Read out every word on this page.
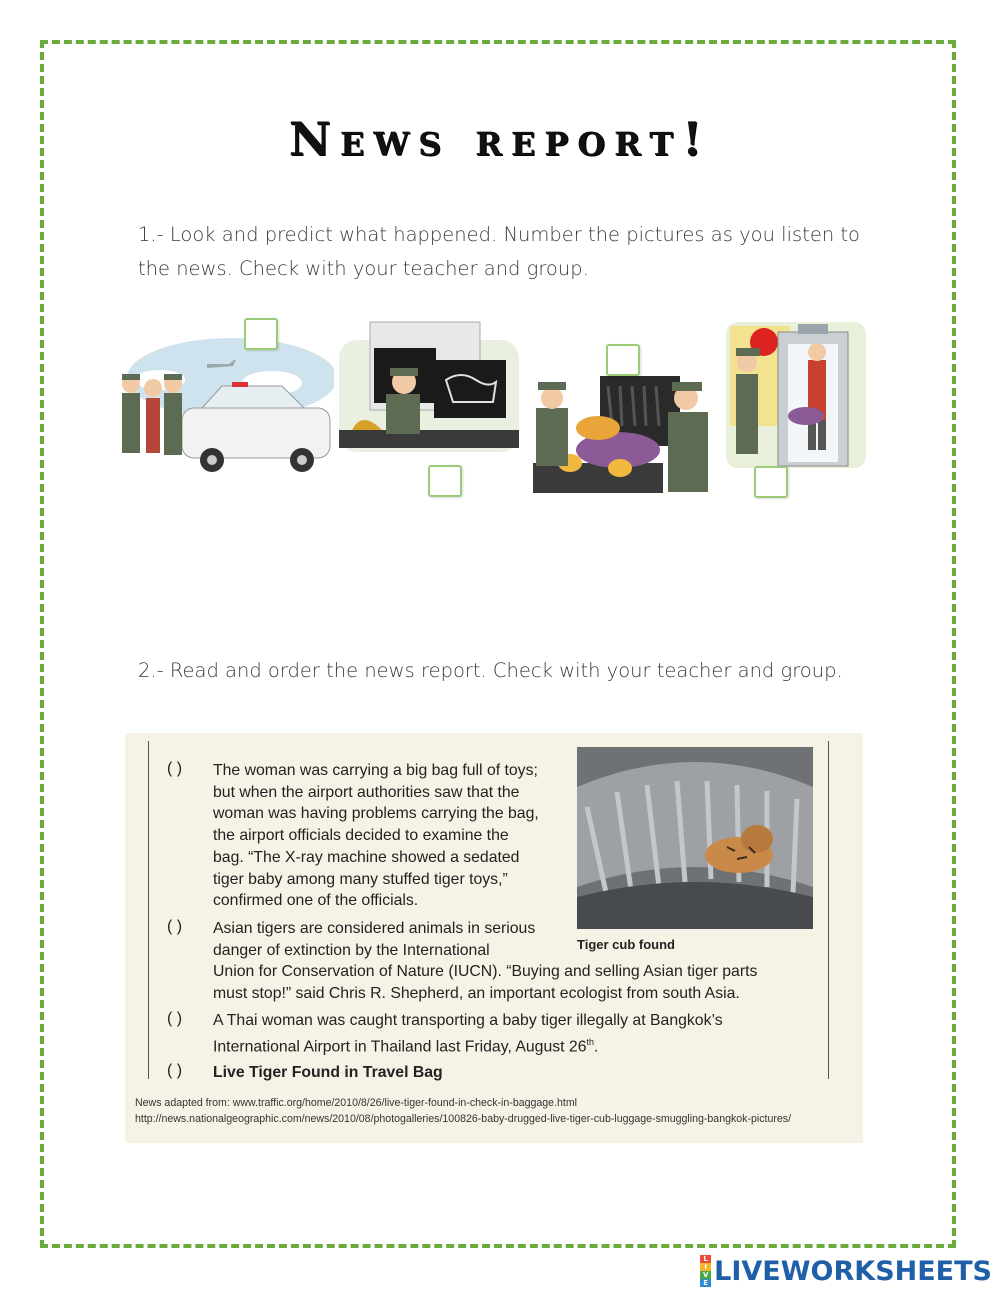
News report!
1.- Look and predict what happened. Number the pictures as you listen to the news. Check with your teacher and group.
2.- Read and order the news report. Check with your teacher and group.
Tiger cub found
( ) The woman was carrying a big bag full of toys;
but when the airport authorities saw that the
woman was having problems carrying the bag,
the airport officials decided to examine the
bag. “The X-ray machine showed a sedated
tiger baby among many stuffed tiger toys,”
confirmed one of the officials.
( ) Asian tigers are considered animals in serious
danger of extinction by the International
Union for Conservation of Nature (IUCN). “Buying and selling Asian tiger parts
must stop!” said Chris R. Shepherd, an important ecologist from south Asia.
( ) A Thai woman was caught transporting a baby tiger illegally at Bangkok’s
International Airport in Thailand last Friday, August 26th.
( ) Live Tiger Found in Travel Bag
News adapted from: www.traffic.org/home/2010/8/26/live-tiger-found-in-check-in-baggage.html
http://news.nationalgeographic.com/news/2010/08/photogalleries/100826-baby-drugged-live-tiger-cub-luggage-smuggling-bangkok-pictures/
L
I
V
E LIVEWORKSHEETS
